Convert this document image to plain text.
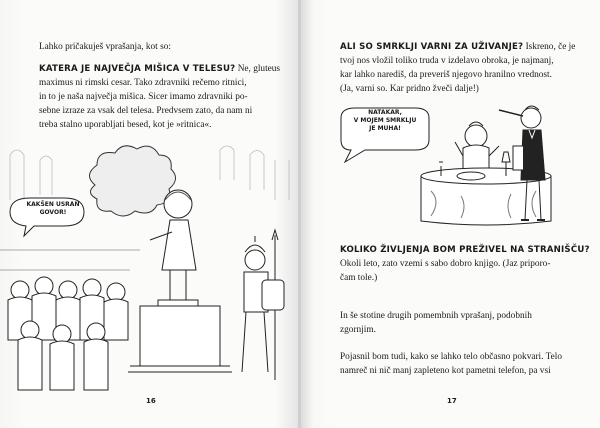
Lahko pričakuješ vprašanja, kot so:

KATERA JE NAJVEČJA MIŠICA V TELESU? Ne, gluteus

maximus ni rimski cesar. Tako zdravniki rečemo ritnici,

in to je naša največja mišica. Sicer imamo zdravniki po-

sebne izraze za vsak del telesa. Predvsem zato, da nam ni

treba stalno uporabljati besed, kot je »ritnica«.

KAKŠEN USRAN
GOVOR!
16
ALI SO SMRKLJI VARNI ZA UŽIVANJE? Iskreno, če je

tvoj nos vložil toliko truda v izdelavo obroka, je najmanj,

kar lahko narediš, da preveriš njegovo hranilno vrednost.

(Ja, varni so. Kar pridno žveči dalje!)

NATAKAR,
V MOJEM SMRKLJU
JE MUHA!
KOLIKO ŽIVLJENJA BOM PREŽIVEL NA STRANIŠČU?

Okoli leto, zato vzemi s sabo dobro knjigo. (Jaz priporo-

čam tole.)

In še stotine drugih pomembnih vprašanj, podobnih

zgornjim.

Pojasnil bom tudi, kako se lahko telo občasno pokvari. Telo

namreč ni nič manj zapleteno kot pametni telefon, pa vsi

17
